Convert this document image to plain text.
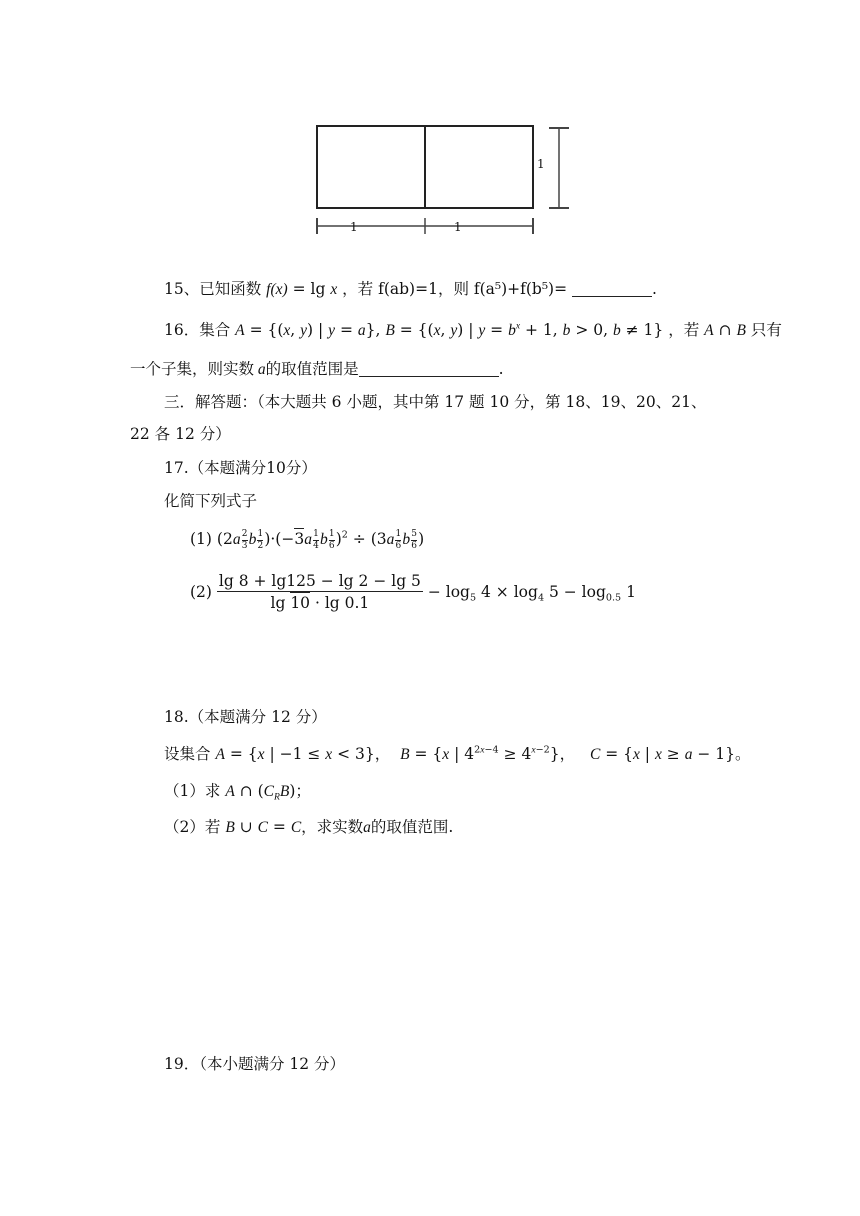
1	1
1
15、已知函数 f(x) = lg x ，若 f(ab)=1，则 f(a⁵)+f(b⁵)=	.
16．集合 A = {(x, y) | y = a}, B = {(x, y) | $y = b^x + 1$, b > 0, b ≠ 1} ，若 A ∩ B 只有
一个子集，则实数 a的取值范围是	.
三．解答题：（本大题共 6 小题，其中第 17 题 10 分，第 18、19、20、21、
22 各 12 分）
17.（本题满分10分）
化简下列式子
(1) ($2a \frac{2}{3}$ b $\frac{1}{2} )\cdot(-3a \frac{1}{4}$ b $\frac{1}{6} )^2 \div (3a \frac{1}{6}$ b $\frac{5}{6}$ )
$(2) \frac{\lg 8 + \lg 125 - \lg 2 - \lg 5}{\lg 10 \cdot \lg 0.1} - \log_5 4 \times \log_4 5 - \log_{0.5} 1$
18.（本题满分 12 分）
设集合 A = {x | −1 ≤ x < 3}，  B = {x | $4^{2x-4} \ge 4^{x-2}$}，   C = {x | x ≥ a − 1}。
（1）求 A ∩ $(C_RB)$；
（2）若 B ∪ C = C，求实数a的取值范围.
19．（本小题满分 12 分）
